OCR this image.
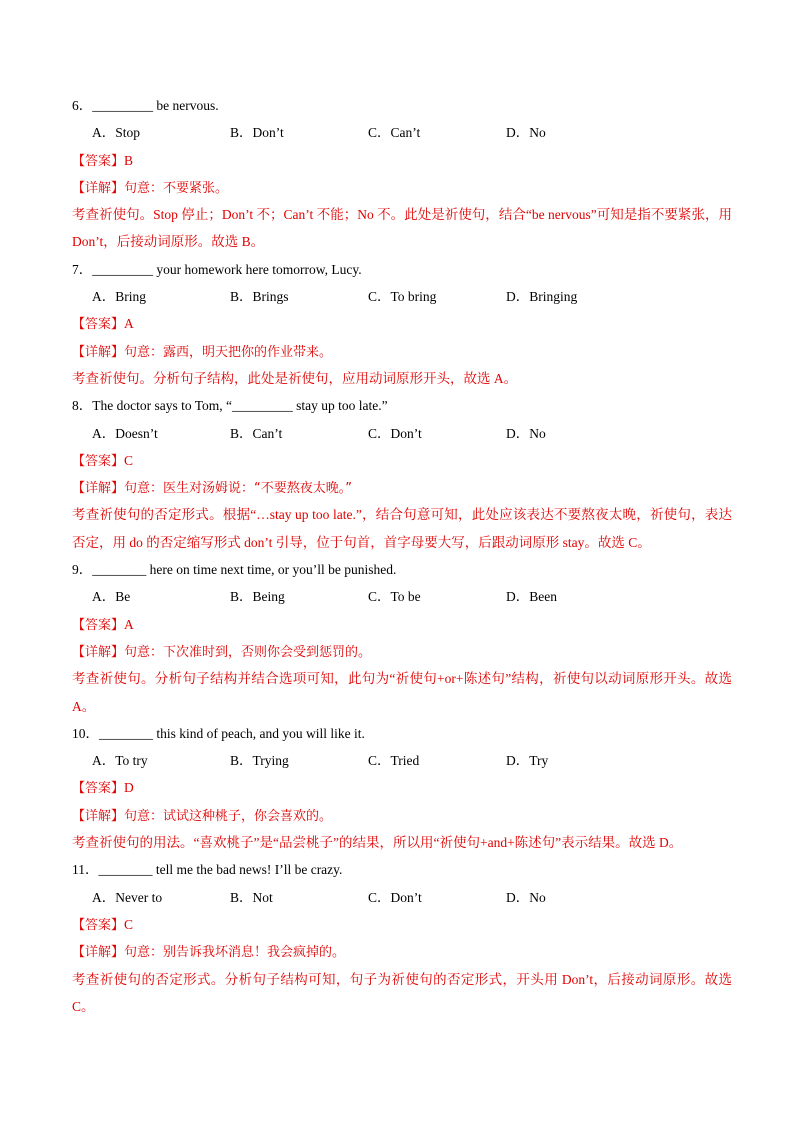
6．_________ be nervous.
A．Stop	B．Don’t	C．Can’t	D．No
【答案】B
【详解】句意：不要紧张。
考查祈使句。Stop 停止；Don’t 不；Can’t 不能；No 不。此处是祈使句，结合“be nervous”可知是指不要紧张，用 Don’t，后接动词原形。故选 B。
7．_________ your homework here tomorrow, Lucy.
A．Bring	B．Brings	C．To bring	D．Bringing
【答案】A
【详解】句意：露西，明天把你的作业带来。
考查祈使句。分析句子结构，此处是祈使句，应用动词原形开头，故选 A。
8．The doctor says to Tom, “_________ stay up too late.”
A．Doesn’t	B．Can’t	C．Don’t	D．No
【答案】C
【详解】句意：医生对汤姆说：“不要熬夜太晚。”
考查祈使句的否定形式。根据“…stay up too late.”，结合句意可知，此处应该表达不要熬夜太晚，祈使句，表达否定，用 do 的否定缩写形式 don’t 引导，位于句首，首字母要大写，后跟动词原形 stay。故选 C。
9．________ here on time next time, or you’ll be punished.
A．Be	B．Being	C．To be	D．Been
【答案】A
【详解】句意：下次准时到，否则你会受到惩罚的。
考查祈使句。分析句子结构并结合选项可知，此句为“祈使句+or+陈述句”结构，祈使句以动词原形开头。故选 A。
10．________ this kind of peach, and you will like it.
A．To try	B．Trying	C．Tried	D．Try
【答案】D
【详解】句意：试试这种桃子，你会喜欢的。
考查祈使句的用法。“喜欢桃子”是“品尝桃子”的结果，所以用“祈使句+and+陈述句”表示结果。故选 D。
11．________ tell me the bad news! I’ll be crazy.
A．Never to	B．Not	C．Don’t	D．No
【答案】C
【详解】句意：别告诉我坏消息！我会疯掉的。
考查祈使句的否定形式。分析句子结构可知，句子为祈使句的否定形式，开头用 Don’t，后接动词原形。故选 C。
